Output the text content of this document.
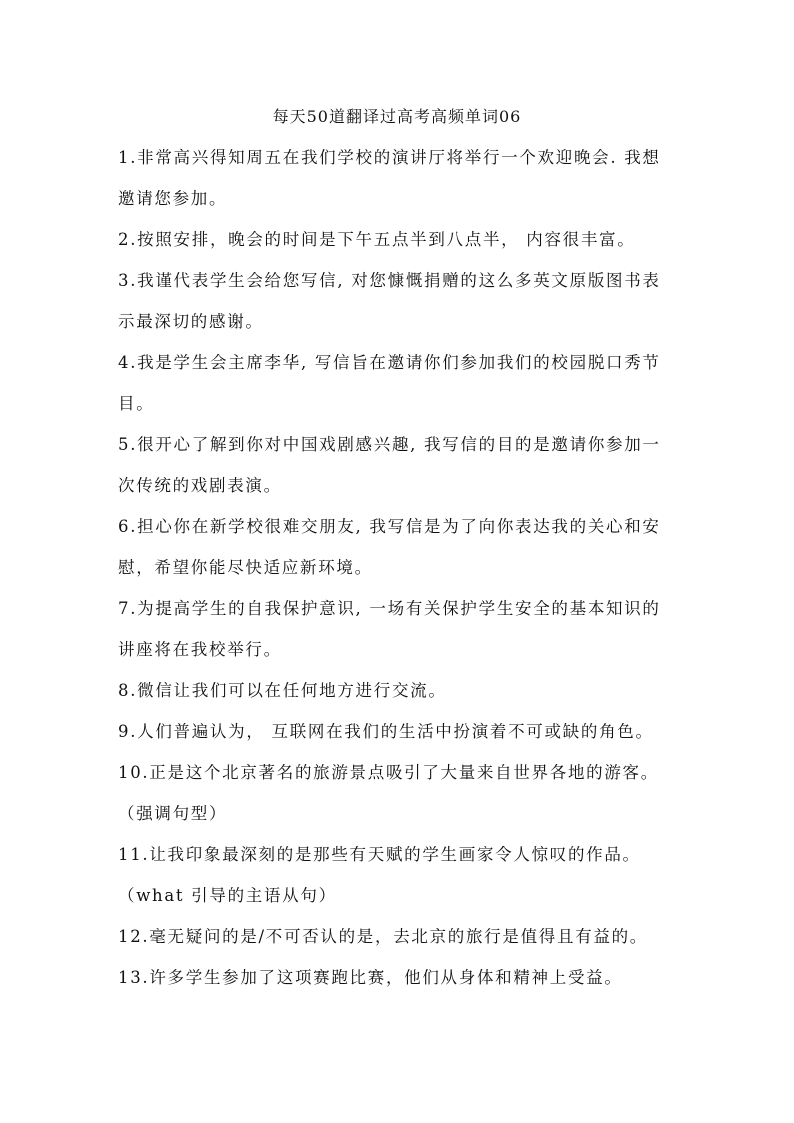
每天50道翻译过高考高频单词06
1.非常高兴得知周五在我们学校的演讲厅将举行一个欢迎晚会. 我想
邀请您参加。
2.按照安排，晚会的时间是下午五点半到八点半， 内容很丰富。
3.我谨代表学生会给您写信, 对您慷慨捐赠的这么多英文原版图书表
示最深切的感谢。
4.我是学生会主席李华, 写信旨在邀请你们参加我们的校园脱口秀节
目。
5.很开心了解到你对中国戏剧感兴趣, 我写信的目的是邀请你参加一
次传统的戏剧表演。
6.担心你在新学校很难交朋友, 我写信是为了向你表达我的关心和安
慰，希望你能尽快适应新环境。
7.为提高学生的自我保护意识, 一场有关保护学生安全的基本知识的
讲座将在我校举行。
8.微信让我们可以在任何地方进行交流。
9.人们普遍认为， 互联网在我们的生活中扮演着不可或缺的角色。
10.正是这个北京著名的旅游景点吸引了大量来自世界各地的游客。
（强调句型）
11.让我印象最深刻的是那些有天赋的学生画家令人惊叹的作品。
（what 引导的主语从句）
12.毫无疑问的是/不可否认的是，去北京的旅行是值得且有益的。
13.许多学生参加了这项赛跑比赛，他们从身体和精神上受益。
